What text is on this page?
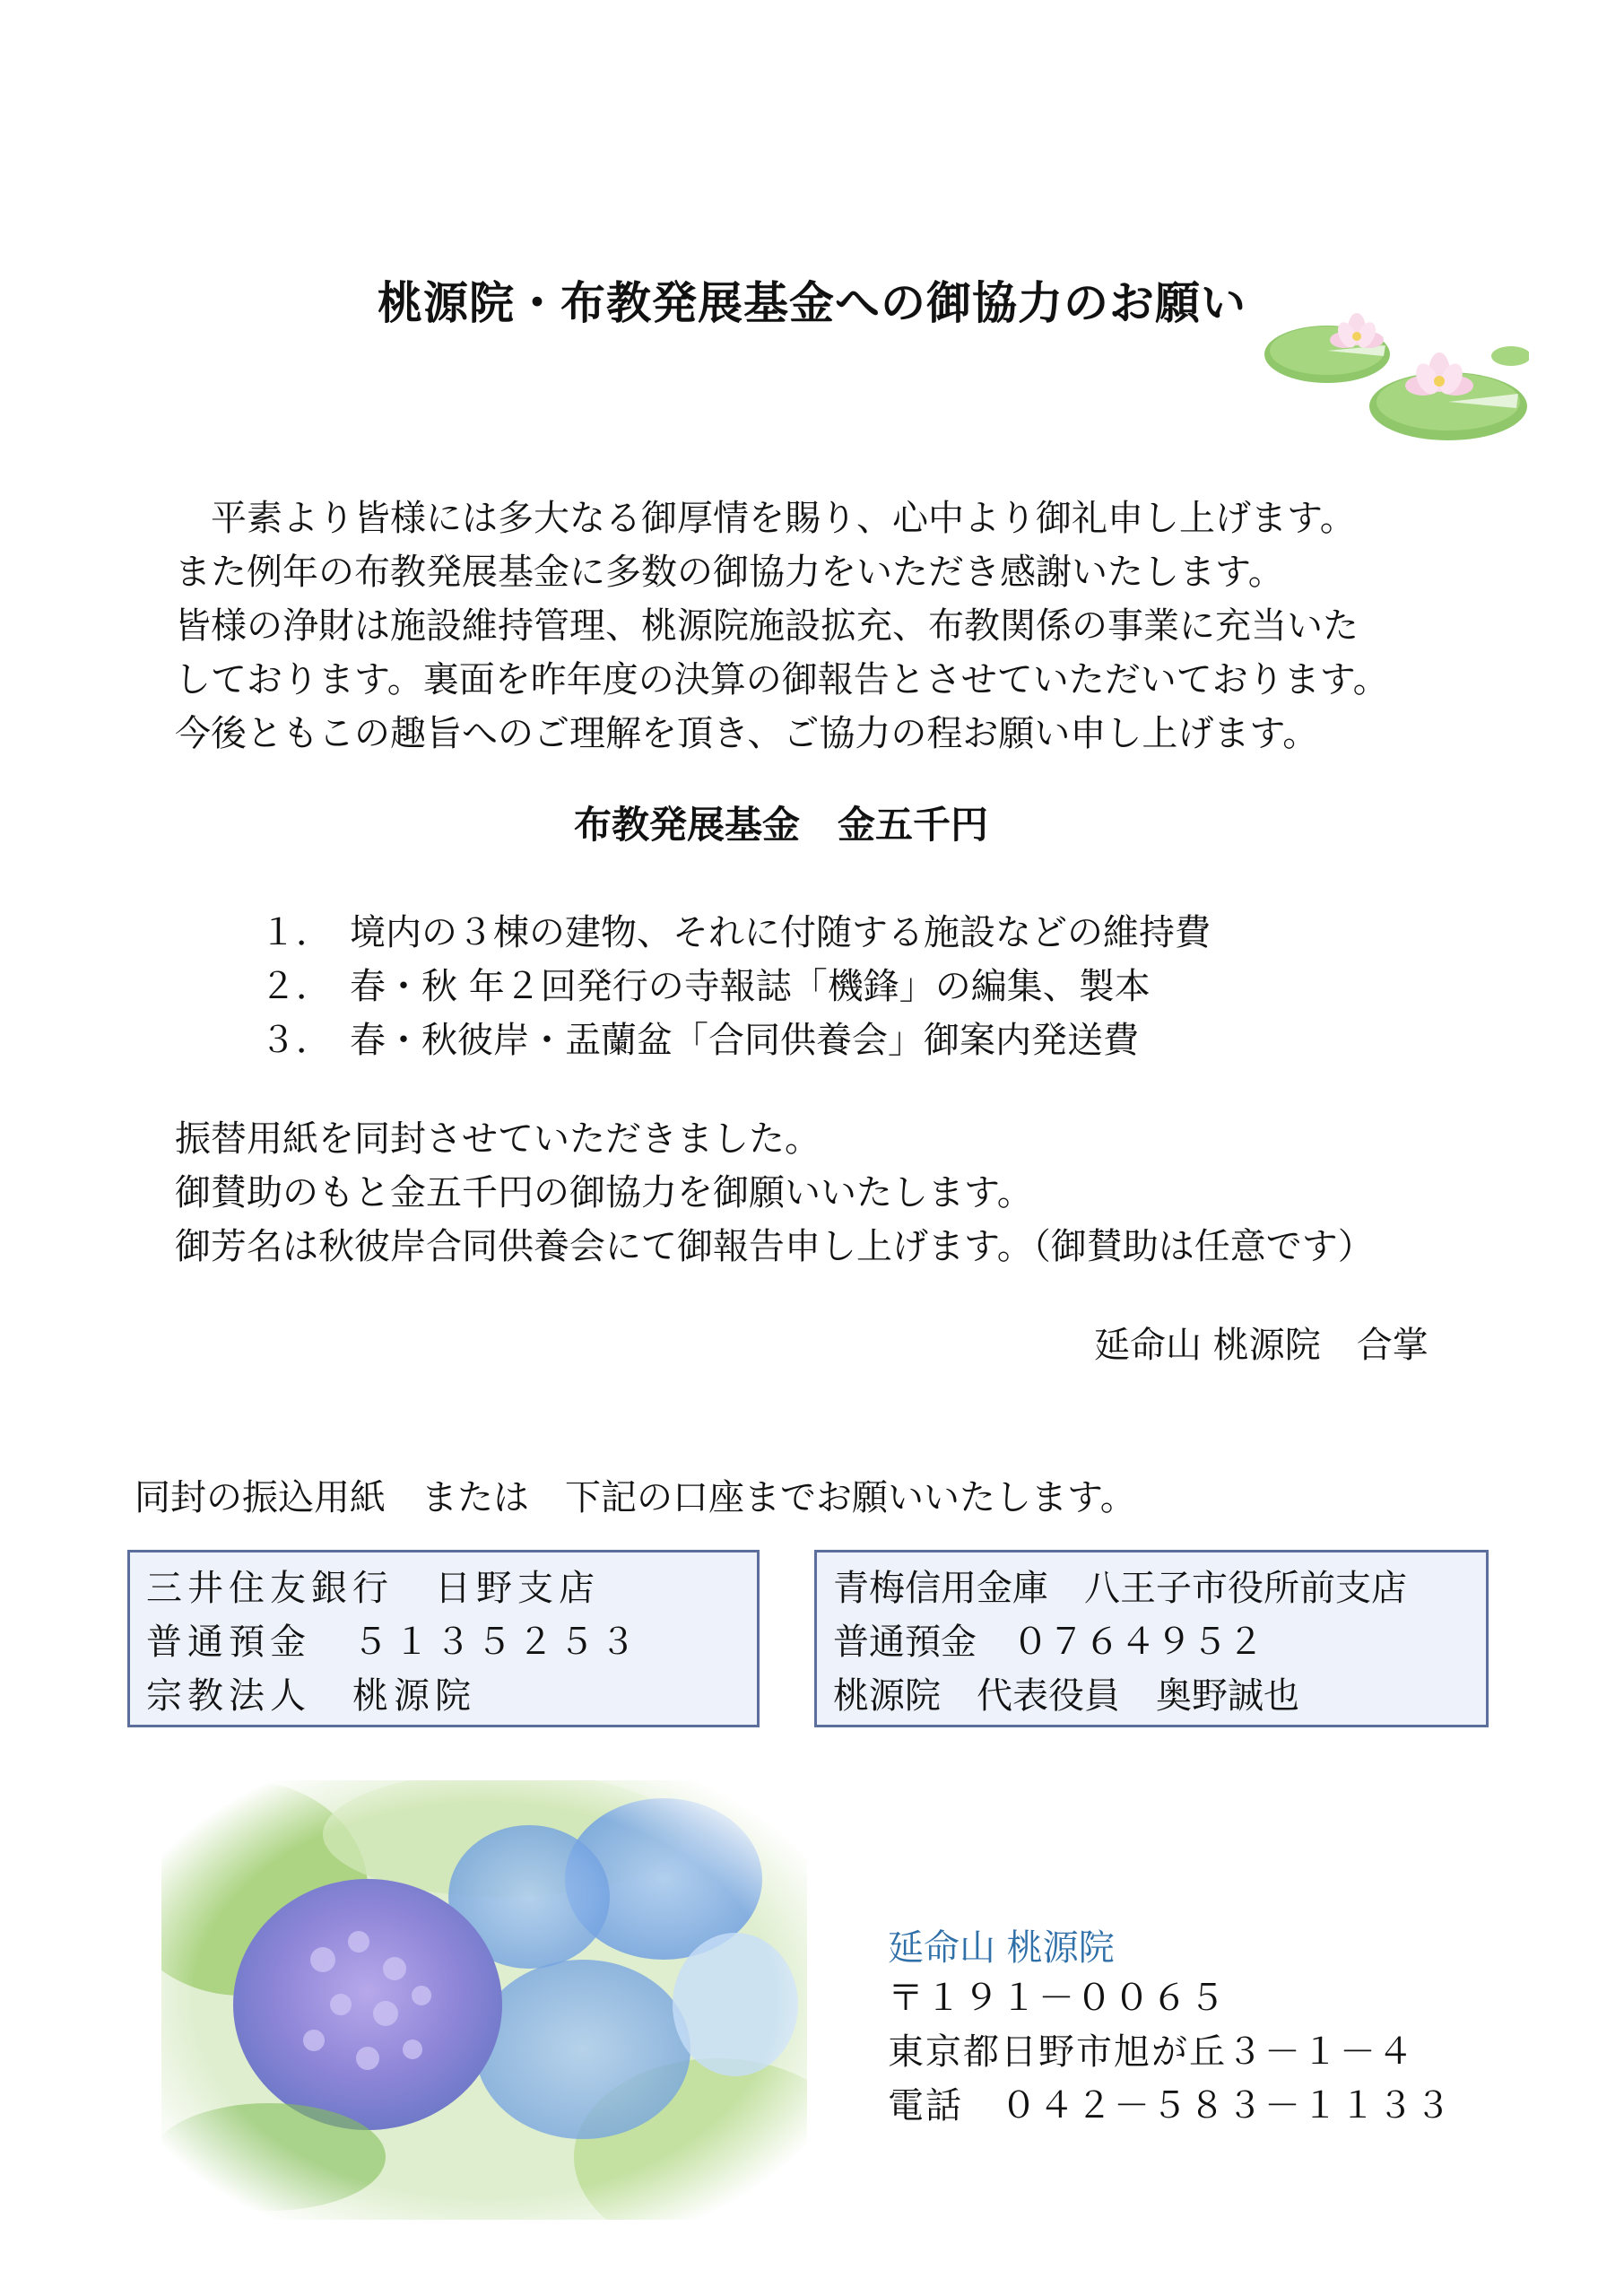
桃源院・布教発展基金への御協力のお願い
　平素より皆様には多大なる御厚情を賜り、心中より御礼申し上げます。
また例年の布教発展基金に多数の御協力をいただき感謝いたします。
皆様の浄財は施設維持管理、桃源院施設拡充、布教関係の事業に充当いた
しております。裏面を昨年度の決算の御報告とさせていただいております。
今後ともこの趣旨へのご理解を頂き、ご協力の程お願い申し上げます。
布教発展基金　金五千円
１． 境内の３棟の建物、それに付随する施設などの維持費
２． 春・秋 年２回発行の寺報誌「機鋒」の編集、製本
３． 春・秋彼岸・盂蘭盆「合同供養会」御案内発送費
振替用紙を同封させていただきました。
御賛助のもと金五千円の御協力を御願いいたします。
御芳名は秋彼岸合同供養会にて御報告申し上げます。（御賛助は任意です）
延命山 桃源院　合掌
同封の振込用紙　または　下記の口座までお願いいたします。
三井住友銀行　日野支店
普通預金　５１３５２５３
宗教法人　桃源院
青梅信用金庫　八王子市役所前支店
普通預金　０７６４９５２
桃源院　代表役員　奥野誠也
延命山 桃源院
〒１９１－００６５
東京都日野市旭が丘３－１－４
電話　０４２－５８３－１１３３
